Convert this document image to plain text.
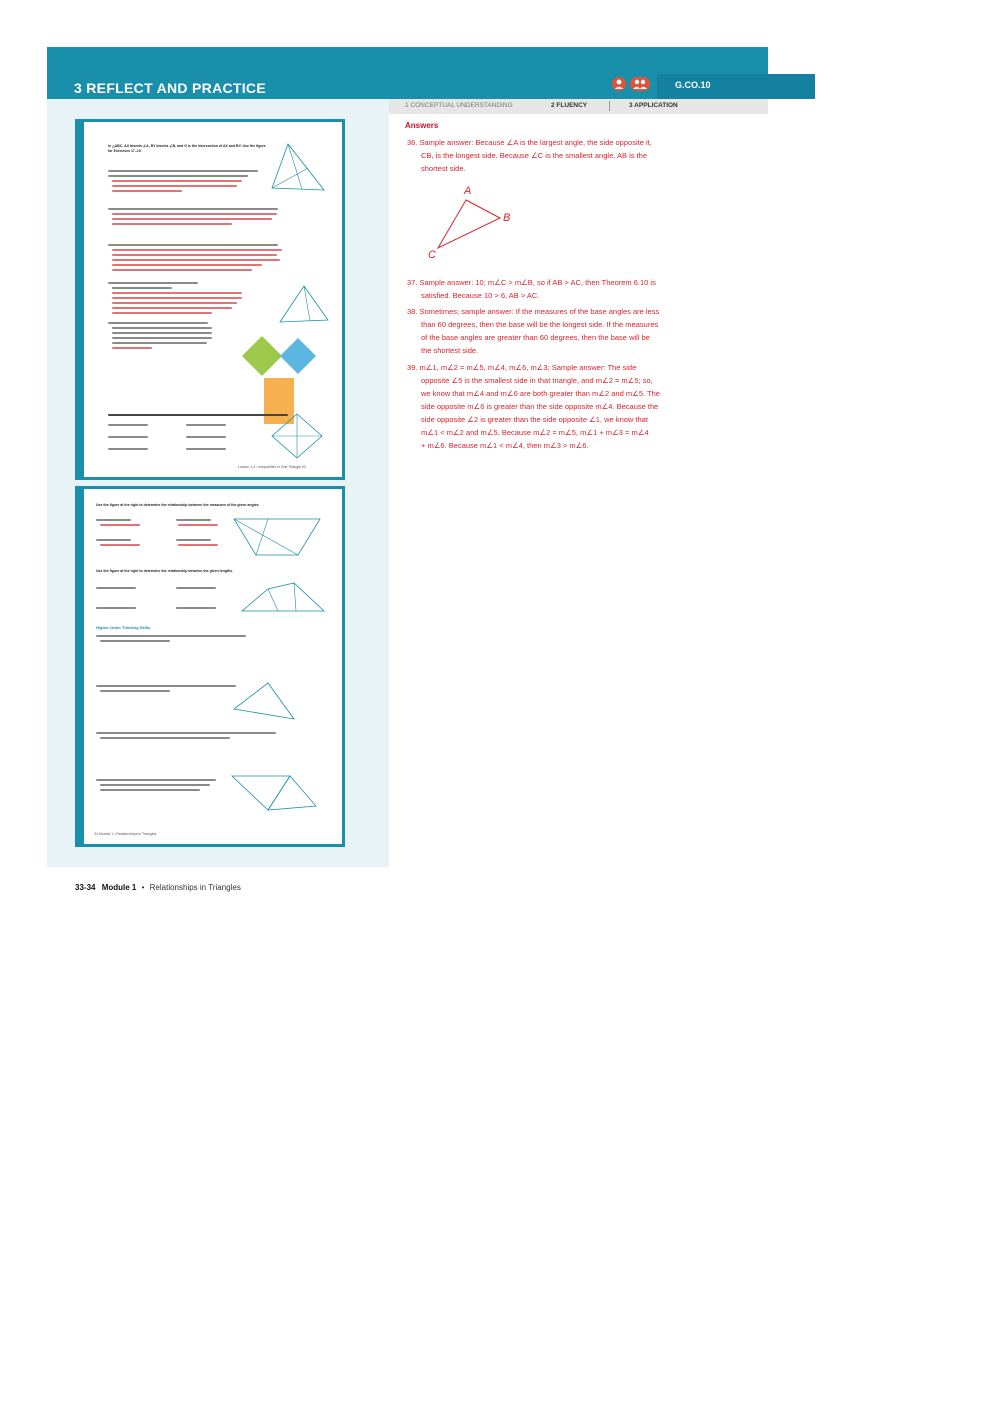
3 REFLECT AND PRACTICE	G.CO.10
1 CONCEPTUAL UNDERSTANDING	2 FLUENCY	3 APPLICATION
In △ABC, AX bisects ∠A, BY bisects ∠B, and G is the intersection of AX and BY. Use the figure for Exercises 17–19.
Lesson 1-4 • Inequalities in One Triangle 33
Use the figure at the right to determine the relationship between the measures of the given angles.
Use the figure at the right to determine the relationship between the given lengths.
Higher-Order Thinking Skills
34 Module 1 • Relationships in Triangles
Answers
36. Sample answer: Because ∠A is the largest angle, the side opposite it,
CB, is the longest side. Because ∠C is the smallest angle, AB is the
shortest side.
A
B
C
37. Sample answer: 10; m∠C > m∠B, so if AB > AC, then Theorem 6.10 is
satisfied. Because 10 > 6, AB > AC.
38. Sometimes; sample answer: If the measures of the base angles are less
than 60 degrees, then the base will be the longest side. If the measures
of the base angles are greater than 60 degrees, then the base will be
the shortest side.
39. m∠1, m∠2 = m∠5, m∠4, m∠6, m∠3; Sample answer: The side
opposite ∠5 is the smallest side in that triangle, and m∠2 = m∠5; so,
we know that m∠4 and m∠6 are both greater than m∠2 and m∠5. The
side opposite m∠6 is greater than the side opposite m∠4. Because the
side opposite ∠2 is greater than the side opposite ∠1, we know that
m∠1 < m∠2 and m∠5. Because m∠2 = m∠5, m∠1 + m∠3 = m∠4
+ m∠6. Because m∠1 < m∠4, then m∠3 > m∠6.
33-34 Module 1 • Relationships in Triangles
